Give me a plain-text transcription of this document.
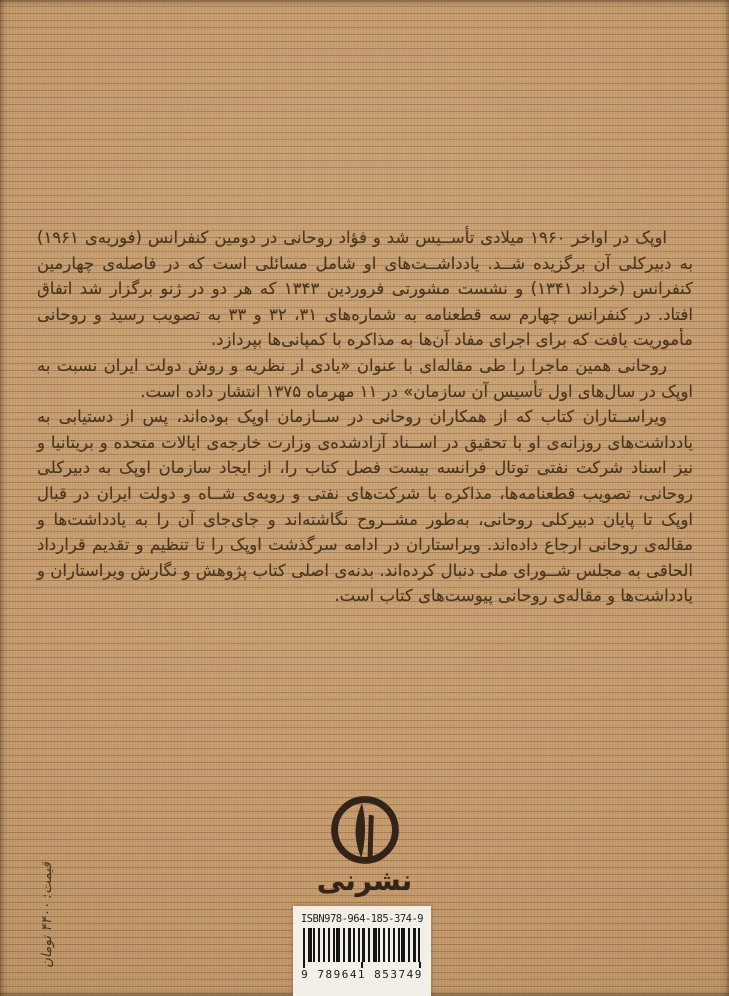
اوپک در اواخر ۱۹۶۰ میلادی تأســیس شد و فؤاد روحانی در دومین کنفرانس (فوریه‌ی ۱۹۶۱) به دبیرکلی آن برگزیده شــد. یادداشــت‌های او شامل مسائلی است که در فاصله‌ی چهارمین کنفرانس (خرداد ۱۳۴۱) و نشست مشورتی فروردین ۱۳۴۳ که هر دو در ژنو برگزار شد اتفاق افتاد. در کنفرانس چهارم سه قطعنامه به شماره‌های ۳۱، ۳۲ و ۳۳ به تصویب رسید و روحانی مأموریت یافت که برای اجرای مفاد آن‌ها به مذاکره با کمپانی‌ها بپردازد.

روحانی همین ماجرا را طی مقاله‌ای با عنوان «یادی از نظریه و روش دولت ایران نسبت به اوپک در سال‌های اول تأسیس آن سازمان» در ۱۱ مهرماه ۱۳۷۵ انتشار داده است.

ویراســتاران کتاب که از همکاران روحانی در ســازمان اوپک بوده‌اند، پس از دستیابی به یادداشت‌های روزانه‌ی او با تحقیق در اســناد آزادشده‌ی وزارت خارجه‌ی ایالات متحده و بریتانیا و نیز اسناد شرکت نفتی توتال فرانسه بیست فصل کتاب را، از ایجاد سازمان اوپک به دبیرکلی روحانی، تصویب قطعنامه‌ها، مذاکره با شرکت‌های نفتی و رویه‌ی شــاه و دولت ایران در قبال اوپک تا پایان دبیرکلی روحانی، به‌طور مشــروح نگاشته‌اند و جای‌جای آن را به یادداشت‌ها و مقاله‌ی روحانی ارجاع داده‌اند. ویراستاران در ادامه سرگذشت اوپک را تا تنظیم و تقدیم قرارداد الحاقی به مجلس شــورای ملی دنبال کرده‌اند. بدنه‌ی اصلی کتاب پژوهش و نگارش ویراستاران و یادداشت‌ها و مقاله‌ی روحانی پیوست‌های کتاب است.

قیمت: ۴۴۰۰ تومان	نشرنی
ISBN978-964-185-374-9
9 789641 853749
